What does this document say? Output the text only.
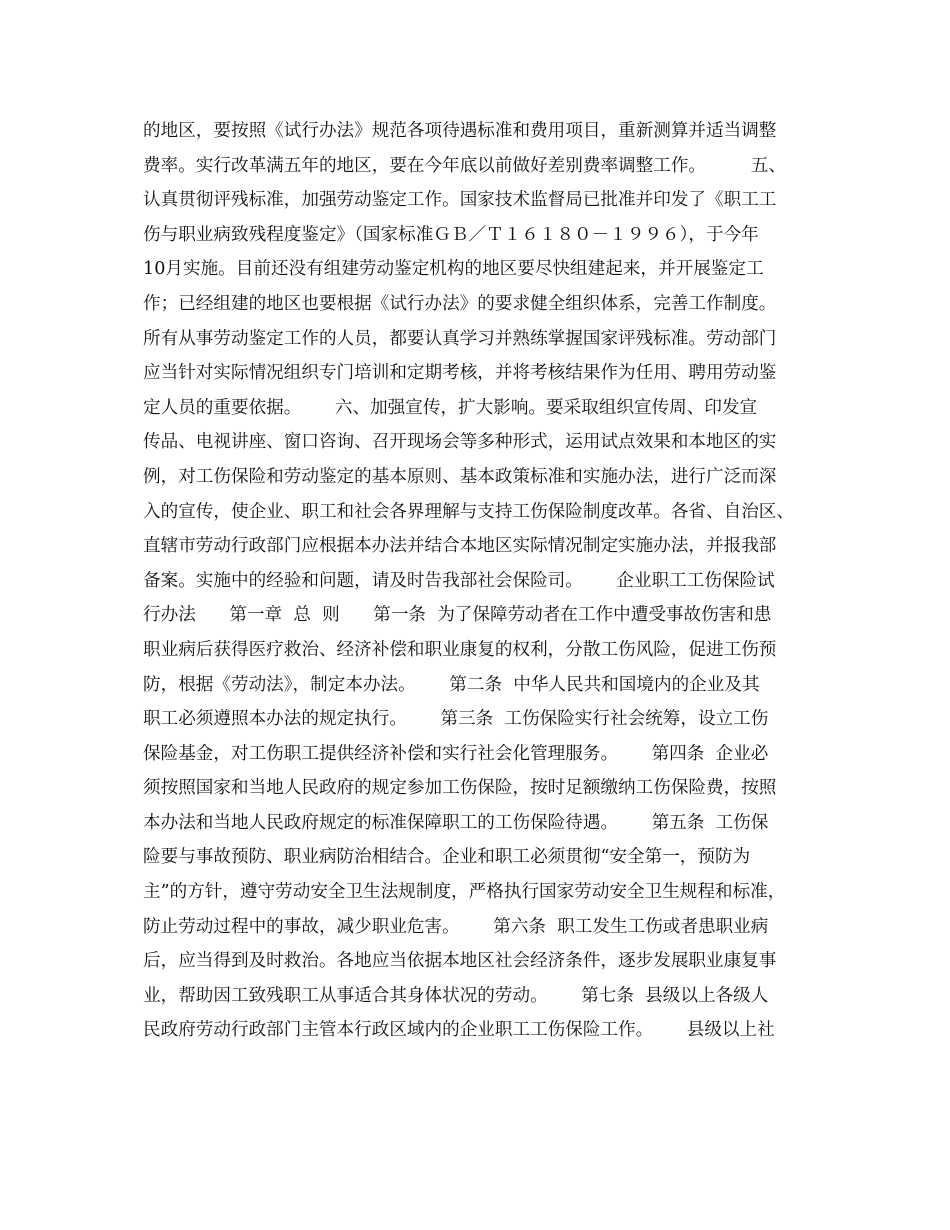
的地区，要按照《试行办法》规范各项待遇标准和费用项目，重新测算并适当调整
费率。实行改革满五年的地区，要在今年底以前做好差别费率调整工作。        五、
认真贯彻评残标准，加强劳动鉴定工作。国家技术监督局已批准并印发了《职工工
伤与职业病致残程度鉴定》（国家标准ＧＢ／Ｔ１６１８０－１９９６），于今年
10月实施。目前还没有组建劳动鉴定机构的地区要尽快组建起来，并开展鉴定工
作；已经组建的地区也要根据《试行办法》的要求健全组织体系，完善工作制度。
所有从事劳动鉴定工作的人员，都要认真学习并熟练掌握国家评残标准。劳动部门
应当针对实际情况组织专门培训和定期考核，并将考核结果作为任用、聘用劳动鉴
定人员的重要依据。      六、加强宣传，扩大影响。要采取组织宣传周、印发宣
传品、电视讲座、窗口咨询、召开现场会等多种形式，运用试点效果和本地区的实
例，对工伤保险和劳动鉴定的基本原则、基本政策标准和实施办法，进行广泛而深
入的宣传，使企业、职工和社会各界理解与支持工伤保险制度改革。各省、自治区、
直辖市劳动行政部门应根据本办法并结合本地区实际情况制定实施办法，并报我部
备案。实施中的经验和问题，请及时告我部社会保险司。      企业职工工伤保险试
行办法      第一章  总  则      第一条  为了保障劳动者在工作中遭受事故伤害和患
职业病后获得医疗救治、经济补偿和职业康复的权利，分散工伤风险，促进工伤预
防，根据《劳动法》，制定本办法。      第二条  中华人民共和国境内的企业及其
职工必须遵照本办法的规定执行。      第三条  工伤保险实行社会统筹，设立工伤
保险基金，对工伤职工提供经济补偿和实行社会化管理服务。      第四条  企业必
须按照国家和当地人民政府的规定参加工伤保险，按时足额缴纳工伤保险费，按照
本办法和当地人民政府规定的标准保障职工的工伤保险待遇。      第五条  工伤保
险要与事故预防、职业病防治相结合。企业和职工必须贯彻“安全第一，预防为
主”的方针，遵守劳动安全卫生法规制度，严格执行国家劳动安全卫生规程和标准，
防止劳动过程中的事故，减少职业危害。      第六条  职工发生工伤或者患职业病
后，应当得到及时救治。各地应当依据本地区社会经济条件，逐步发展职业康复事
业，帮助因工致残职工从事适合其身体状况的劳动。      第七条  县级以上各级人
民政府劳动行政部门主管本行政区域内的企业职工工伤保险工作。      县级以上社
